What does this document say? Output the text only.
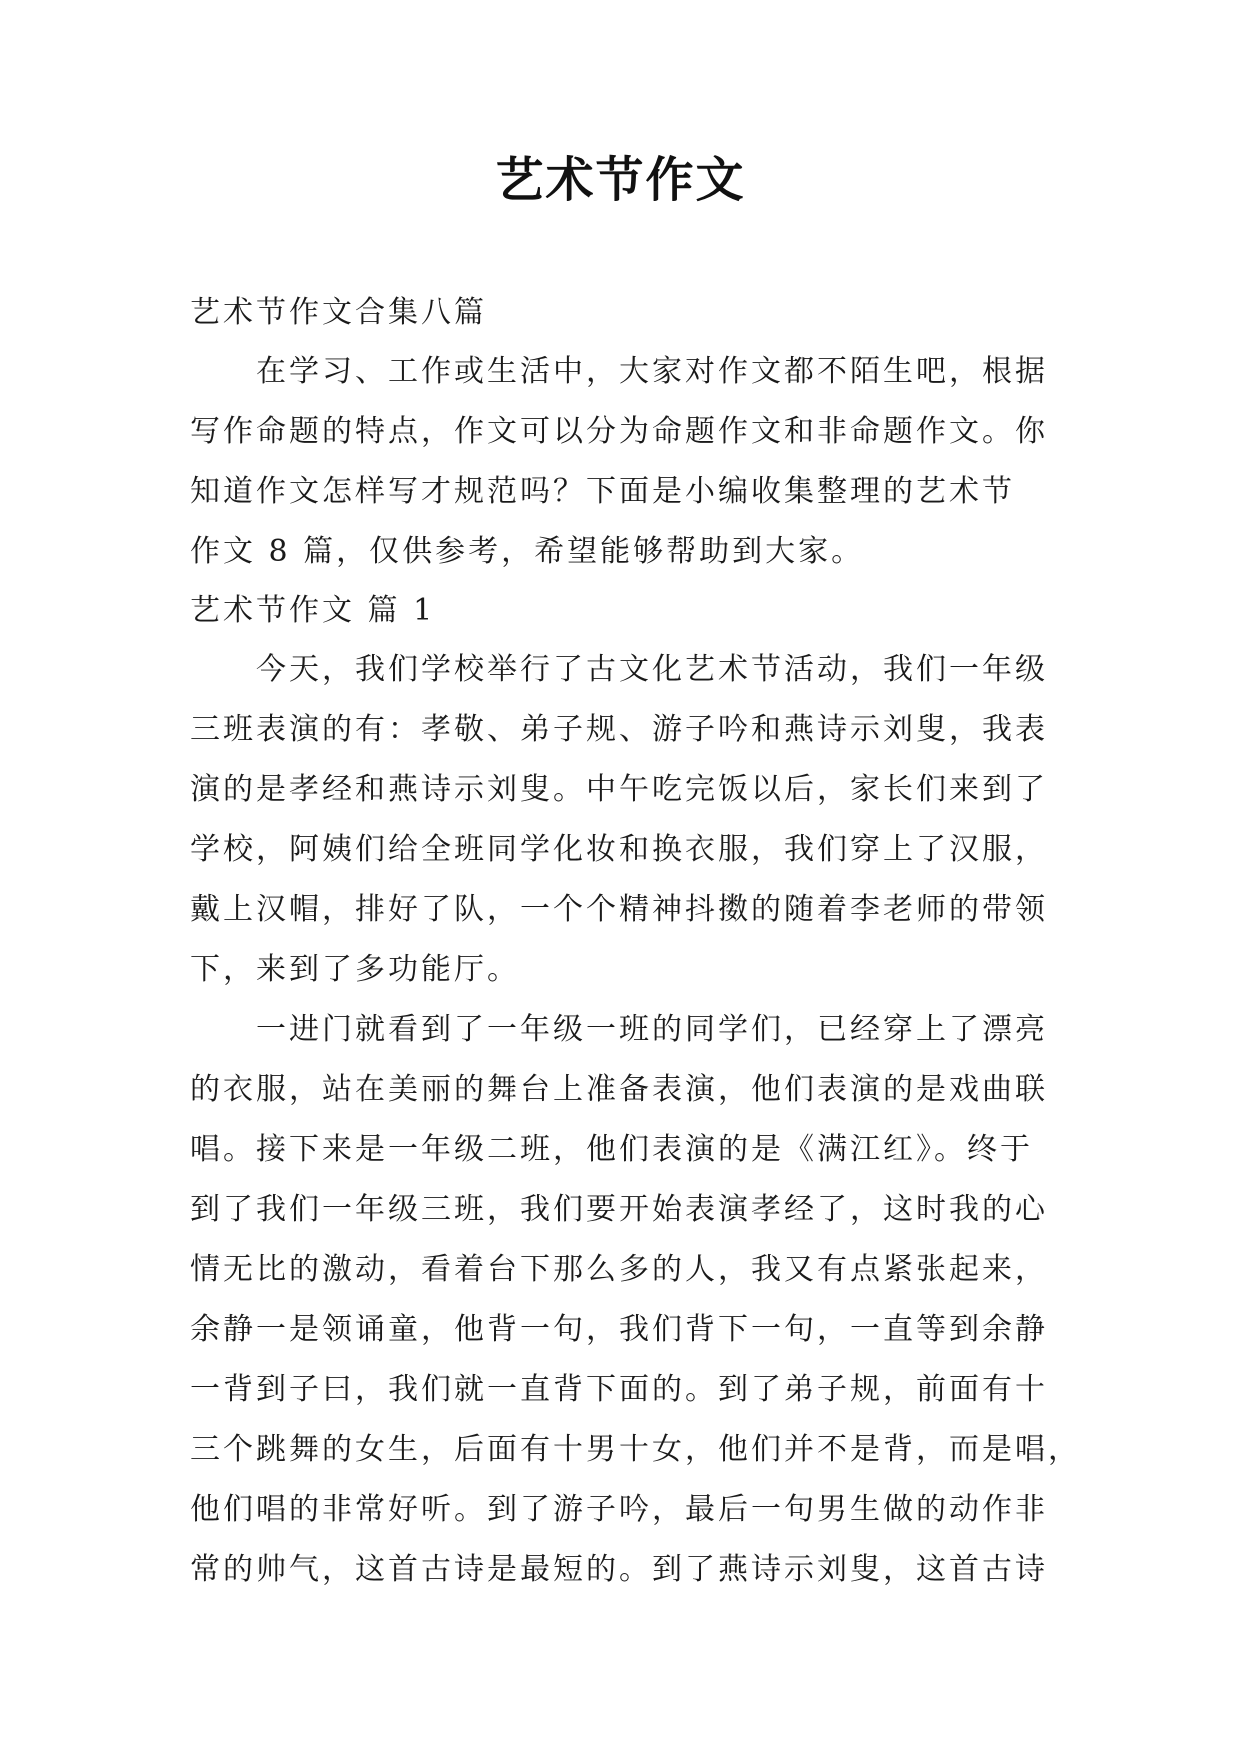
艺术节作文
艺术节作文合集八篇
在学习、工作或生活中，大家对作文都不陌生吧，根据
写作命题的特点，作文可以分为命题作文和非命题作文。你
知道作文怎样写才规范吗？下面是小编收集整理的艺术节
作文 8 篇，仅供参考，希望能够帮助到大家。
艺术节作文 篇 1
今天，我们学校举行了古文化艺术节活动，我们一年级
三班表演的有：孝敬、弟子规、游子吟和燕诗示刘叟，我表
演的是孝经和燕诗示刘叟。中午吃完饭以后，家长们来到了
学校，阿姨们给全班同学化妆和换衣服，我们穿上了汉服，
戴上汉帽，排好了队，一个个精神抖擞的随着李老师的带领
下，来到了多功能厅。
一进门就看到了一年级一班的同学们，已经穿上了漂亮
的衣服，站在美丽的舞台上准备表演，他们表演的是戏曲联
唱。接下来是一年级二班，他们表演的是《满江红》。终于
到了我们一年级三班，我们要开始表演孝经了，这时我的心
情无比的激动，看着台下那么多的人，我又有点紧张起来，
余静一是领诵童，他背一句，我们背下一句，一直等到余静
一背到子曰，我们就一直背下面的。到了弟子规，前面有十
三个跳舞的女生，后面有十男十女，他们并不是背，而是唱，
他们唱的非常好听。到了游子吟，最后一句男生做的动作非
常的帅气，这首古诗是最短的。到了燕诗示刘叟，这首古诗
